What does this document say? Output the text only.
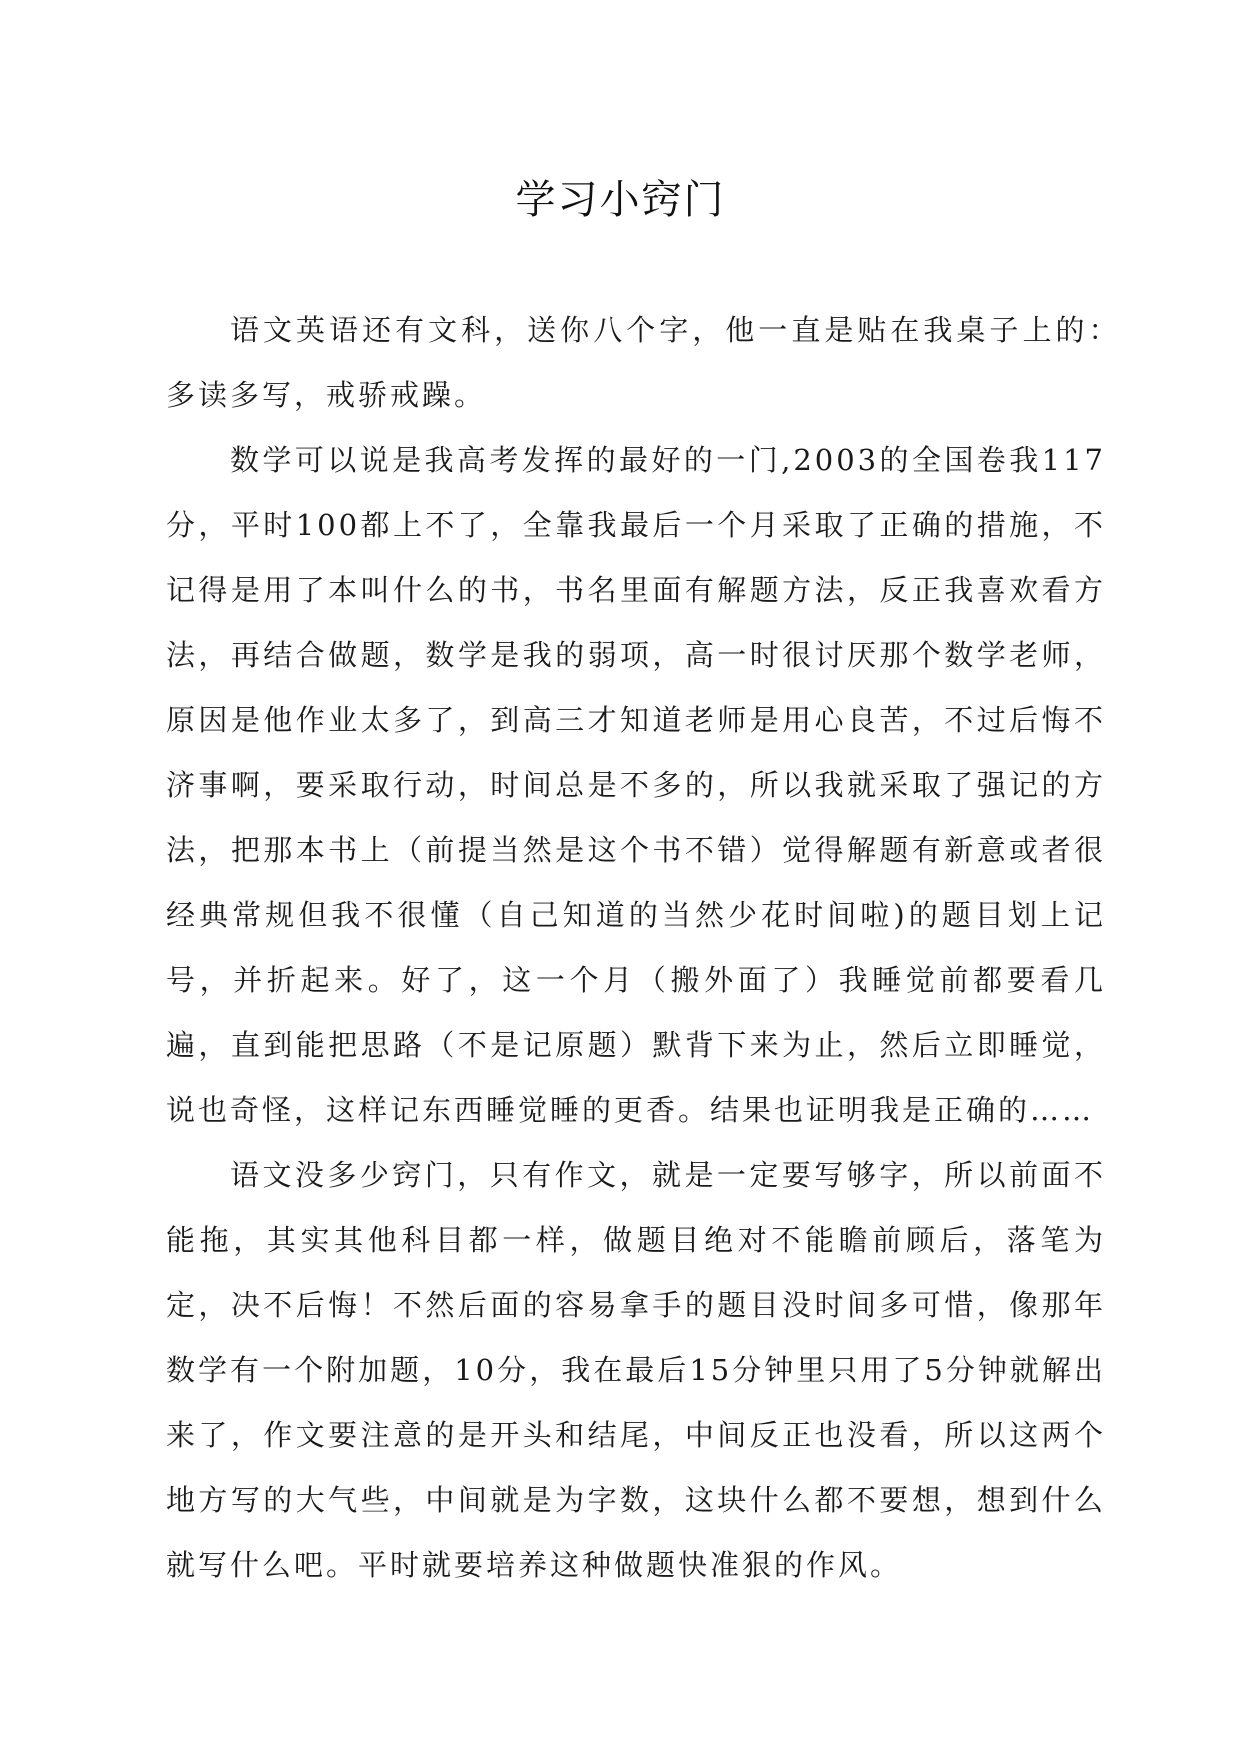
学习小窍门

语文英语还有文科，送你八个字，他一直是贴在我桌子上的：　多读多写，戒骄戒躁。

数学可以说是我高考发挥的最好的一门,2003的全国卷我117分，平时100都上不了，全靠我最后一个月采取了正确的措施，不记得是用了本叫什么的书，书名里面有解题方法，反正我喜欢看方法，再结合做题，数学是我的弱项，高一时很讨厌那个数学老师，原因是他作业太多了，到高三才知道老师是用心良苦，不过后悔不济事啊，要采取行动，时间总是不多的，所以我就采取了强记的方法，把那本书上（前提当然是这个书不错）觉得解题有新意或者很经典常规但我不很懂（自己知道的当然少花时间啦)的题目划上记号，并折起来。好了，这一个月（搬外面了）我睡觉前都要看几遍，直到能把思路（不是记原题）默背下来为止，然后立即睡觉，说也奇怪，这样记东西睡觉睡的更香。结果也证明我是正确的……

语文没多少窍门，只有作文，就是一定要写够字，所以前面不能拖，其实其他科目都一样，做题目绝对不能瞻前顾后，落笔为定，决不后悔！不然后面的容易拿手的题目没时间多可惜，像那年数学有一个附加题，10分，我在最后15分钟里只用了5分钟就解出来了，作文要注意的是开头和结尾，中间反正也没看，所以这两个地方写的大气些，中间就是为字数，这块什么都不要想，想到什么就写什么吧。平时就要培养这种做题快准狠的作风。
